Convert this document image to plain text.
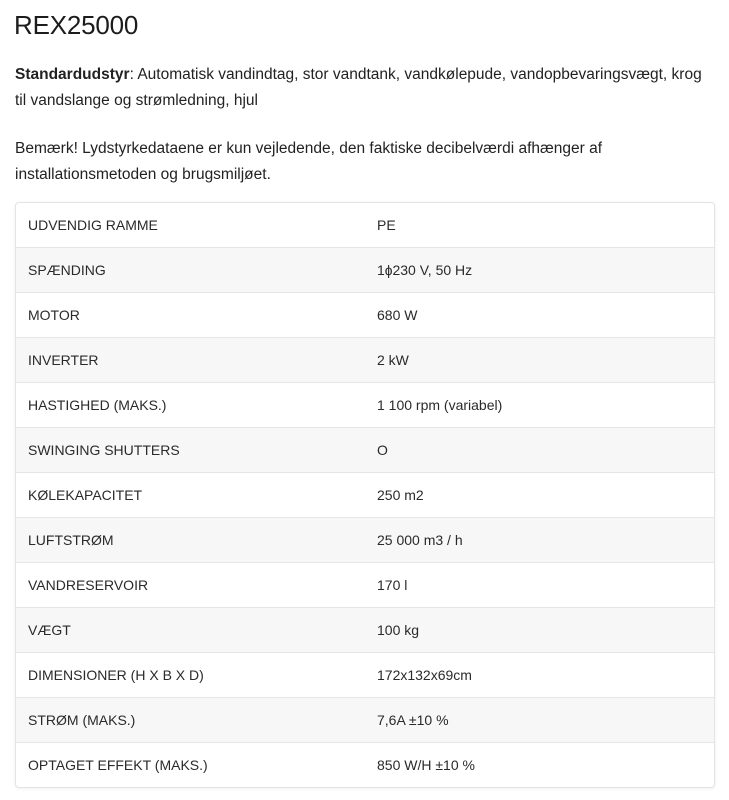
REX25000

Standardudstyr: Automatisk vandindtag, stor vandtank, vandkølepude, vandopbevaringsvægt, krog til vandslange og strømledning, hjul

Bemærk! Lydstyrkedataene er kun vejledende, den faktiske decibelværdi afhænger af installationsmetoden og brugsmiljøet.

UDVENDIG RAMME	PE
SPÆNDING	1ɸ230 V, 50 Hz
MOTOR	680 W
INVERTER	2 kW
HASTIGHED (MAKS.)	1 100 rpm (variabel)
SWINGING SHUTTERS	O
KØLEKAPACITET	250 m2
LUFTSTRØM	25 000 m3 / h
VANDRESERVOIR	170 l
VÆGT	100 kg
DIMENSIONER (H X B X D)	172x132x69cm
STRØM (MAKS.)	7,6A ±10 %
OPTAGET EFFEKT (MAKS.)	850 W/H ±10 %
